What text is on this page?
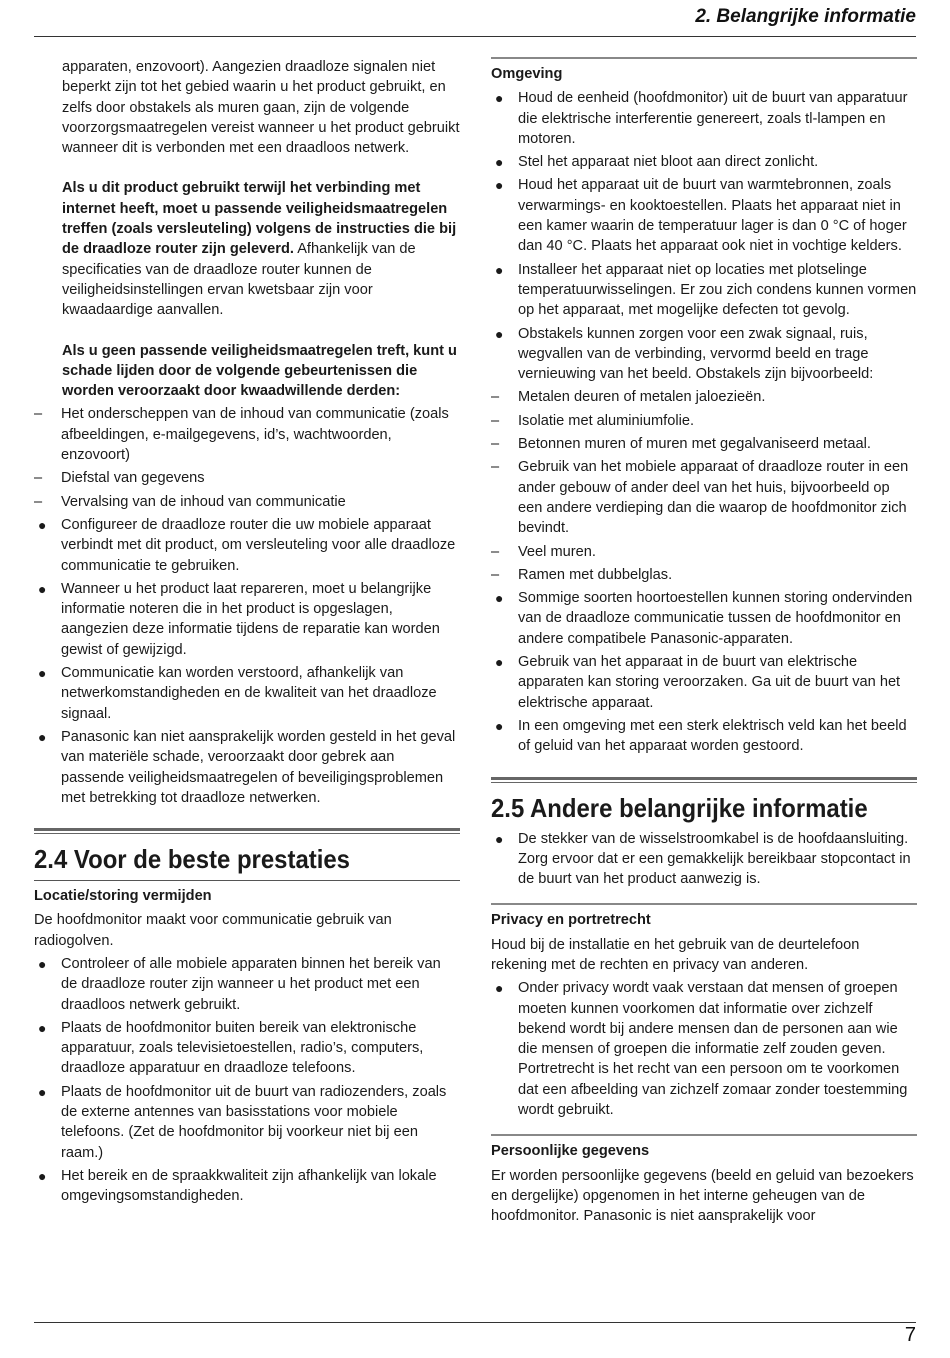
2. Belangrijke informatie

apparaten, enzovoort). Aangezien draadloze signalen niet beperkt zijn tot het gebied waarin u het product gebruikt, en zelfs door obstakels als muren gaan, zijn de volgende voorzorgsmaatregelen vereist wanneer u het product gebruikt wanneer dit is verbonden met een draadloos netwerk.

Als u dit product gebruikt terwijl het verbinding met internet heeft, moet u passende veiligheidsmaatregelen treffen (zoals versleuteling) volgens de instructies die bij de draadloze router zijn geleverd. Afhankelijk van de specificaties van de draadloze router kunnen de veiligheidsinstellingen ervan kwetsbaar zijn voor kwaadaardige aanvallen.

Als u geen passende veiligheidsmaatregelen treft, kunt u schade lijden door de volgende gebeurtenissen die worden veroorzaakt door kwaadwillende derden:

– Het onderscheppen van de inhoud van communicatie (zoals afbeeldingen, e-mailgegevens, id’s, wachtwoorden, enzovoort)
– Diefstal van gegevens
– Vervalsing van de inhoud van communicatie
● Configureer de draadloze router die uw mobiele apparaat verbindt met dit product, om versleuteling voor alle draadloze communicatie te gebruiken.
● Wanneer u het product laat repareren, moet u belangrijke informatie noteren die in het product is opgeslagen, aangezien deze informatie tijdens de reparatie kan worden gewist of gewijzigd.
● Communicatie kan worden verstoord, afhankelijk van netwerkomstandigheden en de kwaliteit van het draadloze signaal.
● Panasonic kan niet aansprakelijk worden gesteld in het geval van materiële schade, veroorzaakt door gebrek aan passende veiligheidsmaatregelen of beveiligingsproblemen met betrekking tot draadloze netwerken.
2.4 Voor de beste prestaties
Locatie/storing vermijden

De hoofdmonitor maakt voor communicatie gebruik van radiogolven.

● Controleer of alle mobiele apparaten binnen het bereik van de draadloze router zijn wanneer u het product met een draadloos netwerk gebruikt.
● Plaats de hoofdmonitor buiten bereik van elektronische apparatuur, zoals televisietoestellen, radio’s, computers, draadloze apparatuur en draadloze telefoons.
● Plaats de hoofdmonitor uit de buurt van radiozenders, zoals de externe antennes van basisstations voor mobiele telefoons. (Zet de hoofdmonitor bij voorkeur niet bij een raam.)
● Het bereik en de spraakkwaliteit zijn afhankelijk van lokale omgevingsomstandigheden.
Omgeving
● Houd de eenheid (hoofdmonitor) uit de buurt van apparatuur die elektrische interferentie genereert, zoals tl-lampen en motoren.
● Stel het apparaat niet bloot aan direct zonlicht.
● Houd het apparaat uit de buurt van warmtebronnen, zoals verwarmings- en kooktoestellen. Plaats het apparaat niet in een kamer waarin de temperatuur lager is dan 0 °C of hoger dan 40 °C. Plaats het apparaat ook niet in vochtige kelders.
● Installeer het apparaat niet op locaties met plotselinge temperatuurwisselingen. Er zou zich condens kunnen vormen op het apparaat, met mogelijke defecten tot gevolg.
● Obstakels kunnen zorgen voor een zwak signaal, ruis, wegvallen van de verbinding, vervormd beeld en trage vernieuwing van het beeld. Obstakels zijn bijvoorbeeld:
– Metalen deuren of metalen jaloezieën.
– Isolatie met aluminiumfolie.
– Betonnen muren of muren met gegalvaniseerd metaal.
– Gebruik van het mobiele apparaat of draadloze router in een ander gebouw of ander deel van het huis, bijvoorbeeld op een andere verdieping dan die waarop de hoofdmonitor zich bevindt.
– Veel muren.
– Ramen met dubbelglas.
● Sommige soorten hoortoestellen kunnen storing ondervinden van de draadloze communicatie tussen de hoofdmonitor en andere compatibele Panasonic-apparaten.
● Gebruik van het apparaat in de buurt van elektrische apparaten kan storing veroorzaken. Ga uit de buurt van het elektrische apparaat.
● In een omgeving met een sterk elektrisch veld kan het beeld of geluid van het apparaat worden gestoord.
2.5 Andere belangrijke informatie
● De stekker van de wisselstroomkabel is de hoofdaansluiting. Zorg ervoor dat er een gemakkelijk bereikbaar stopcontact in de buurt van het product aanwezig is.
Privacy en portretrecht

Houd bij de installatie en het gebruik van de deurtelefoon rekening met de rechten en privacy van anderen.

● Onder privacy wordt vaak verstaan dat mensen of groepen moeten kunnen voorkomen dat informatie over zichzelf bekend wordt bij andere mensen dan de personen aan wie die mensen of groepen die informatie zelf zouden geven. Portretrecht is het recht van een persoon om te voorkomen dat een afbeelding van zichzelf zomaar zonder toestemming wordt gebruikt.
Persoonlijke gegevens

Er worden persoonlijke gegevens (beeld en geluid van bezoekers en dergelijke) opgenomen in het interne geheugen van de hoofdmonitor. Panasonic is niet aansprakelijk voor

7
